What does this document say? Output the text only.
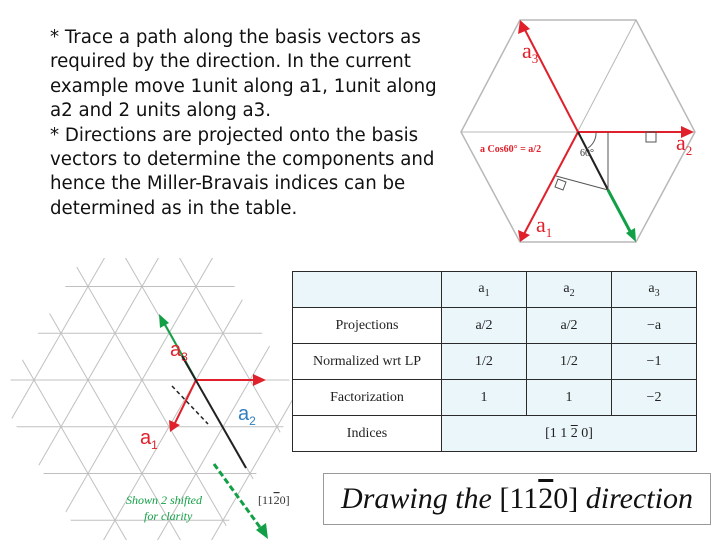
* Trace a path along the basis vectors as required by the direction. In the current example move 1unit along a1, 1unit along a2 and 2 units along a3.

* Directions are projected onto the basis vectors to determine the components and hence the Miller-Bravais indices can be determined as in the table.

$a_3$
$a_2$
$a_1$
a Cos60° = a/2	60°
$a_3$
$a_2$
$a_1$
Shown 2 shifted
for clarity
[1120]
	$a_1$	$a_2$	$a_3$
Projections	a/2	a/2	−a
Normalized wrt LP	1/2	1/2	−1
Factorization	1	1	−2
Indices	[1 1 2 0]		
Drawing the [1120] direction
